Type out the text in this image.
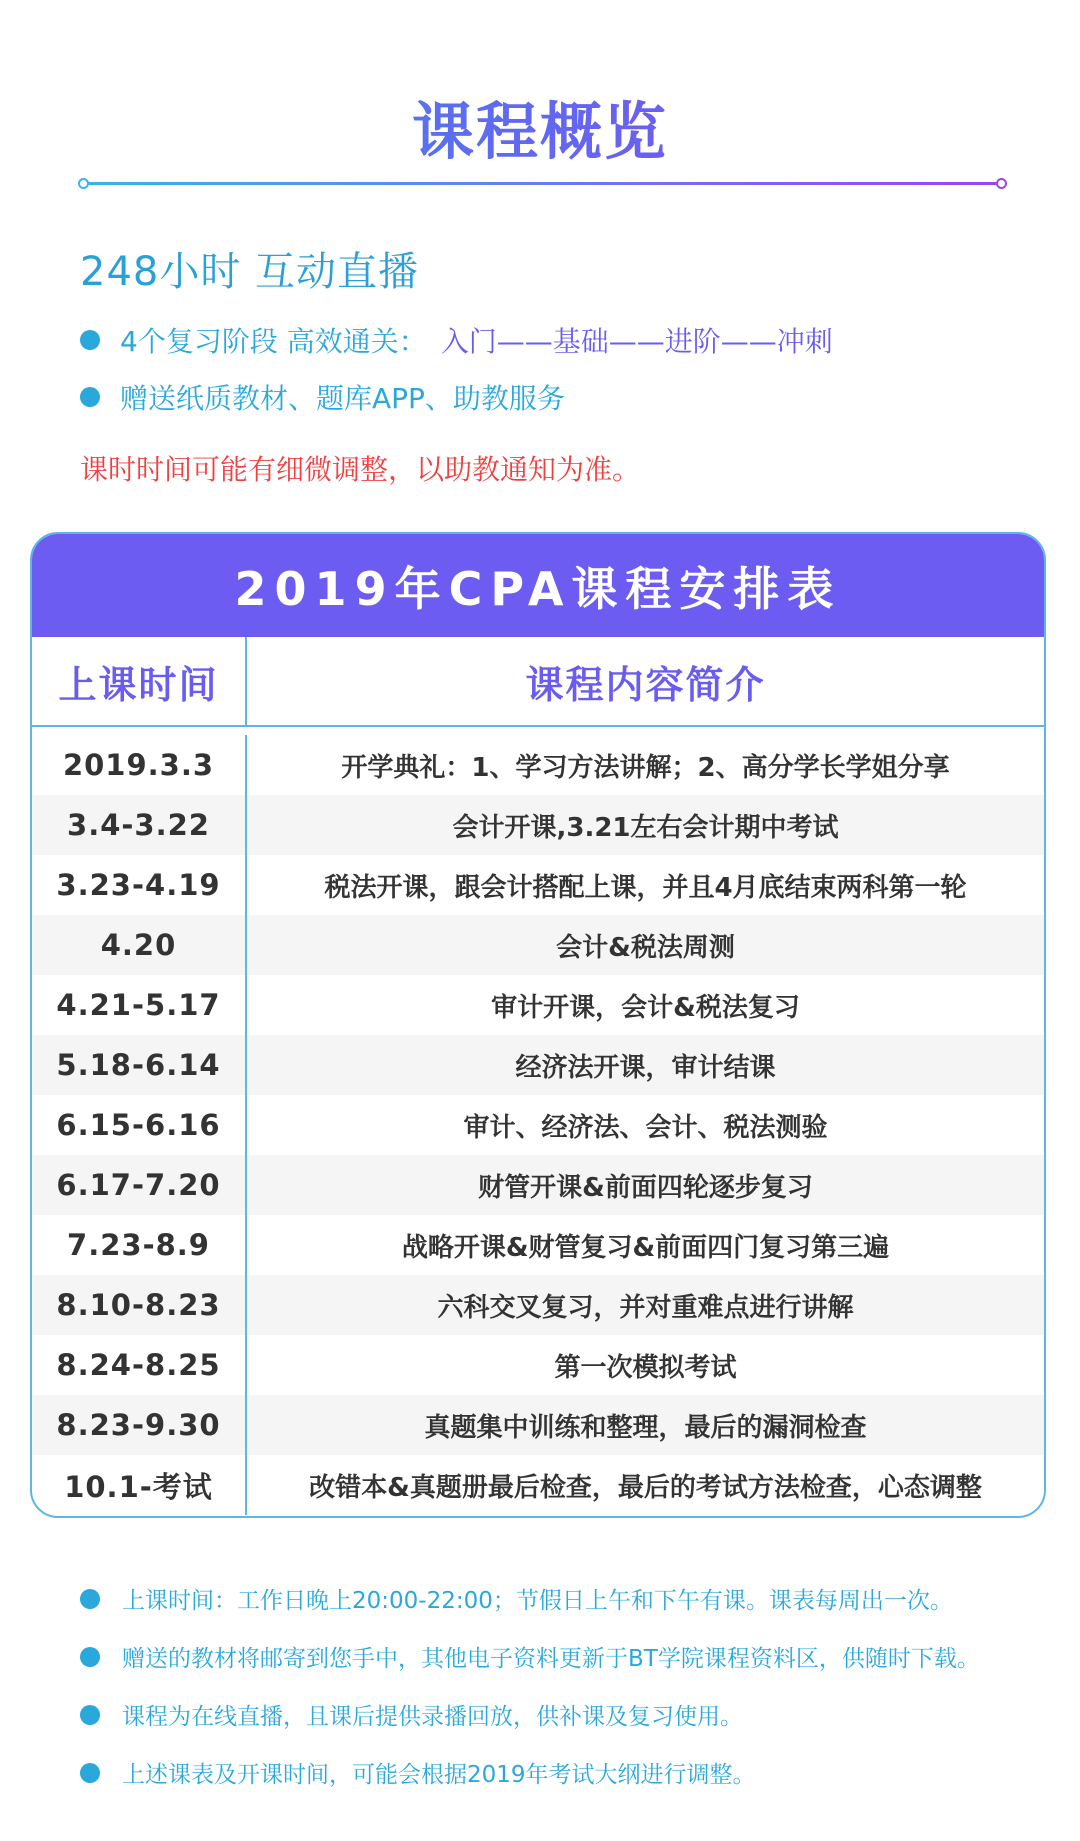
课程概览
248小时 互动直播
4个复习阶段 高效通关： 入门——基础——进阶——冲刺
赠送纸质教材、题库APP、助教服务
课时时间可能有细微调整，以助教通知为准。
2019年CPA课程安排表
上课时间	课程内容简介
2019.3.3	开学典礼：1、学习方法讲解；2、高分学长学姐分享
3.4-3.22	会计开课,3.21左右会计期中考试
3.23-4.19	税法开课，跟会计搭配上课，并且4月底结束两科第一轮
4.20	会计&税法周测
4.21-5.17	审计开课，会计&税法复习
5.18-6.14	经济法开课，审计结课
6.15-6.16	审计、经济法、会计、税法测验
6.17-7.20	财管开课&前面四轮逐步复习
7.23-8.9	战略开课&财管复习&前面四门复习第三遍
8.10-8.23	六科交叉复习，并对重难点进行讲解
8.24-8.25	第一次模拟考试
8.23-9.30	真题集中训练和整理，最后的漏洞检查
10.1-考试	改错本&真题册最后检查，最后的考试方法检查，心态调整
上课时间：工作日晚上20:00-22:00；节假日上午和下午有课。课表每周出一次。
赠送的教材将邮寄到您手中，其他电子资料更新于BT学院课程资料区，供随时下载。
课程为在线直播，且课后提供录播回放，供补课及复习使用。
上述课表及开课时间，可能会根据2019年考试大纲进行调整。
